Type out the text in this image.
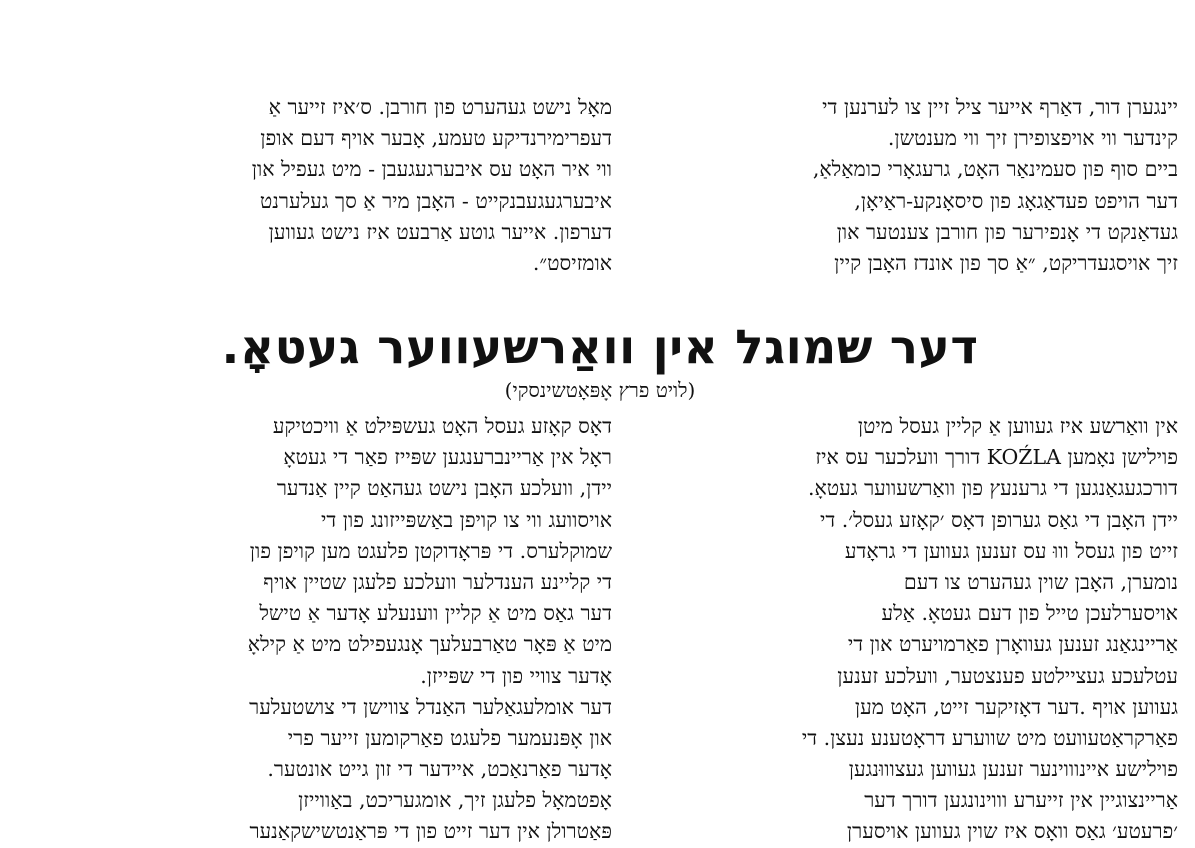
יינגערן דור, דאַרף אייער ציל זיין צו לערנען די
קינדער ווי אויפצופירן זיך ווי מענטשן.
ביים סוף פון סעמינאַר האָט, גרעגאָרי כומאַלאַ,
דער הויפט פעדאַגאָג פון סיסאָנקע-ראַיאָן,
געדאַנקט די אָנפירער פון חורבן צענטער און
זיך אויסגעדריקט, ״אַ סך פון אונדז האָבן קיין
מאָל נישט געהערט פון חורבן. ס׳איז זייער אַ
דעפרימירנדיקע טעמע, אָבער אויף דעם אופן
ווי איר האָט עס איבערגעגעבן - מיט געפיל און
איבערגעגעבנקייט - האָבן מיר אַ סך געלערנט
דערפון. אייער גוטע אַרבעט איז נישט געווען
אומזיסט״.
דער שמוגל אין וואַרשעווער געטאָ.
(לויט פרץ אָפּאָטשינסקי)
אין וואַרשע איז געווען אַ קליין געסל מיטן
פוילישן נאָמען KOŹLA דורך וועלכער עס איז
דורכגעגאַנגען די גרענעץ פון וואַרשעווער געטאָ.
יידן האָבן די גאַס גערופן דאָס ׳קאָזע געסל׳. די
זייט פון געסל וווּ עס זענען געווען די גראָדע
נומערן, האָבן שוין געהערט צו דעם
אויסערלעכן טייל פון דעם געטאָ. אַלע
אַריינגאַנג זענען געוואָרן פאַרמויערט און די
עטלעכע געציילטע פענצטער, וועלכע זענען
געווען אויף .דער דאָזיקער זייט, האָט מען
פאַרקראַטעוועט מיט שווערע דראָטענע נעצן. די
פוילישע איינוווינער זענען געווען געצוווּנגען
אַריינצוגיין אין זייערע וווינונגען דורך דער
׳פרעטע׳ גאַס וואָס איז שוין געווען אויסערן
דאָס קאָזע געסל האָט געשפּילט אַ וויכטיקע
ראָל אין אַריינברענגען שפּייז פאַר די געטאָ
יידן, וועלכע האָבן נישט געהאַט קיין אַנדער
אויסוועג ווי צו קויפן באַשפּייזונג פון די
שמוקלערס. די פּראָדוקטן פלעגט מען קויפן פון
די קליינע הענדלער וועלכע פלעגן שטיין אויף
דער גאַס מיט אַ קליין ווענעלע אָדער אַ טישל
מיט אַ פּאָר טאַרבעלעך אָנגעפילט מיט אַ קילאָ
אָדער צוויי פון די שפּייזן.
דער אומלעגאַלער האַנדל צווישן די צושטעלער
און אָפּנעמער פלעגט פאַרקומען זייער פרי
אָדער פאַרנאַכט, איידער די זון גייט אונטער.
אָפטמאָל פלעגן זיך, אומגעריכט, באַווייזן
פּאַטרולן אין דער זייט פון די פּראַנטשישקאַנער
